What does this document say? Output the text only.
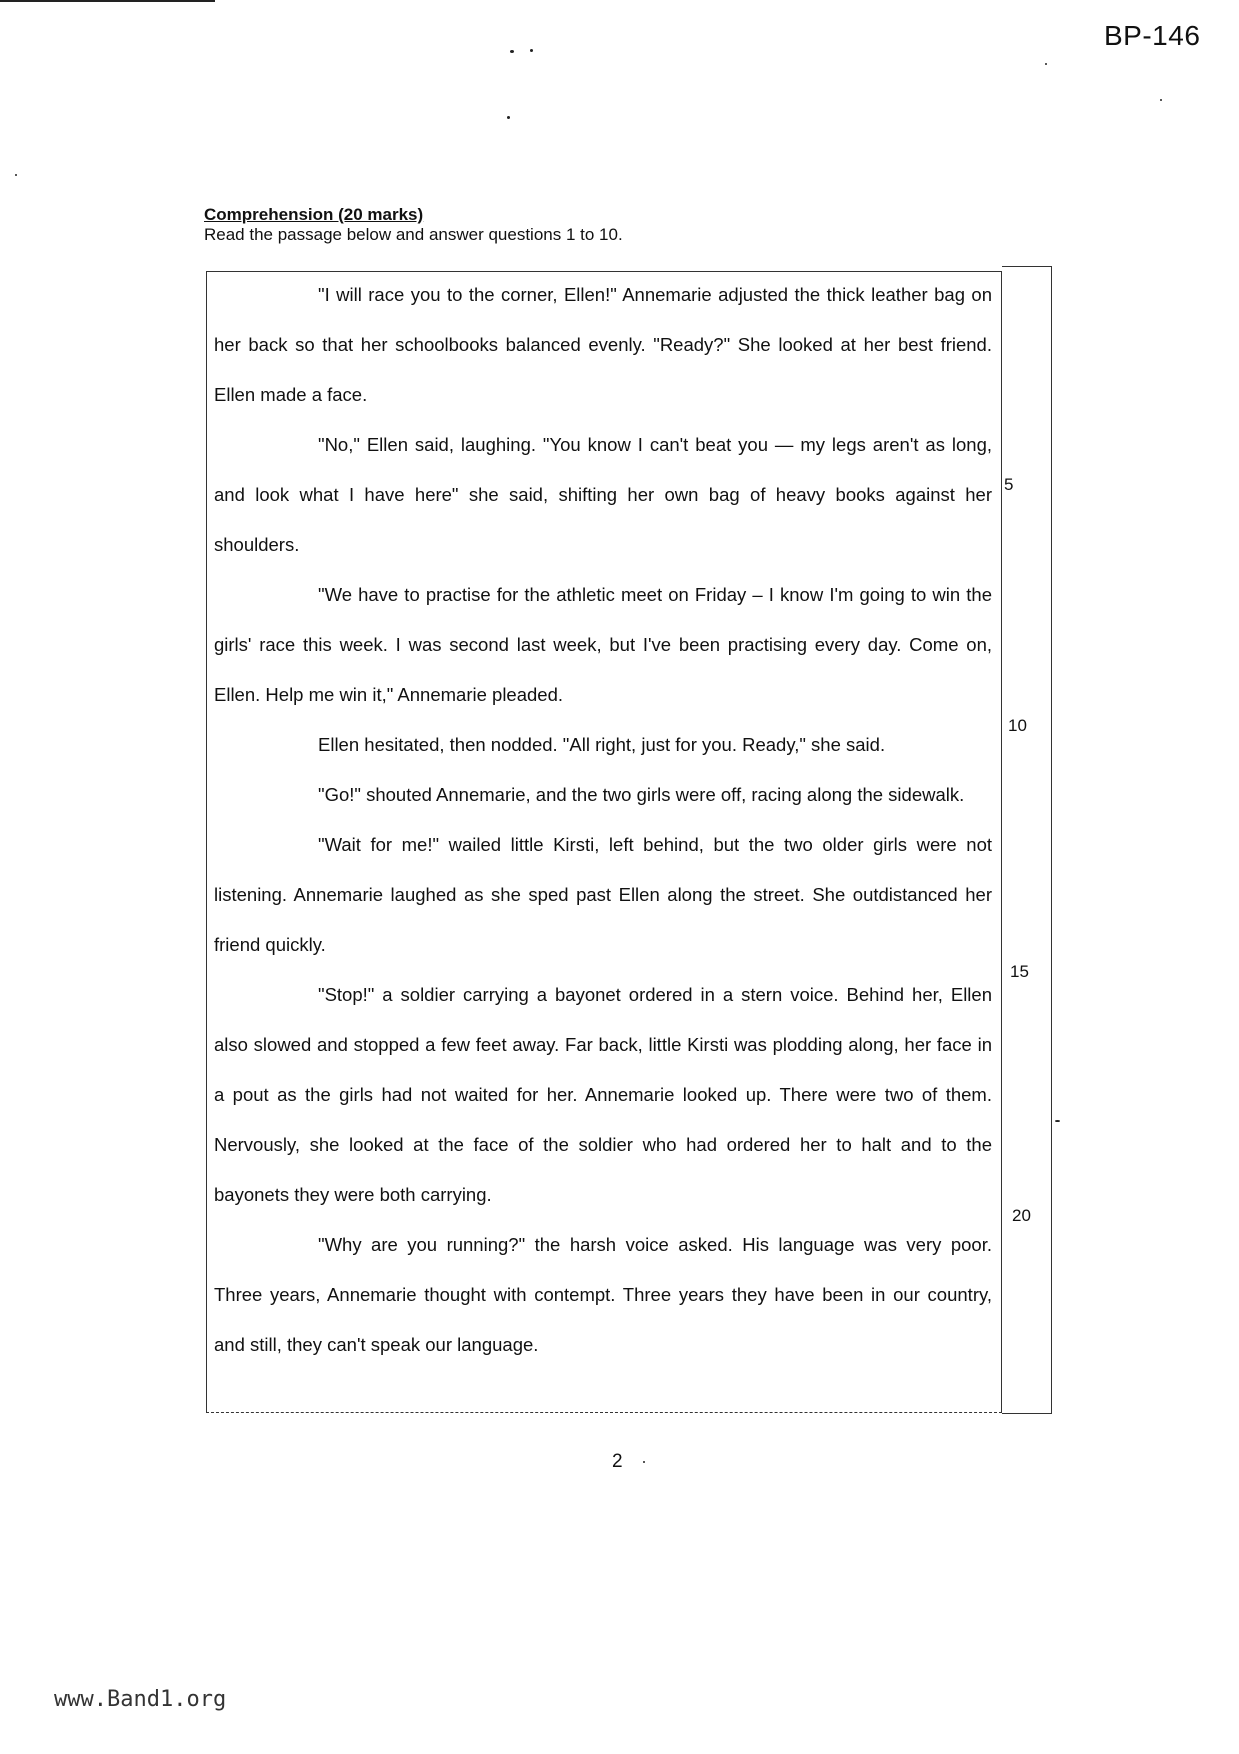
BP-146
Comprehension (20 marks)
Read the passage below and answer questions 1 to 10.

"I will race you to the corner, Ellen!" Annemarie adjusted the thick leather bag on her back so that her schoolbooks balanced evenly. "Ready?" She looked at her best friend. Ellen made a face.

"No," Ellen said, laughing. "You know I can't beat you — my legs aren't as long, and look what I have here" she said, shifting her own bag of heavy books against her shoulders.

"We have to practise for the athletic meet on Friday – I know I'm going to win the girls' race this week. I was second last week, but I've been practising every day. Come on, Ellen. Help me win it," Annemarie pleaded.

Ellen hesitated, then nodded. "All right, just for you. Ready," she said.

"Go!" shouted Annemarie, and the two girls were off, racing along the sidewalk.

"Wait for me!" wailed little Kirsti, left behind, but the two older girls were not listening. Annemarie laughed as she sped past Ellen along the street. She outdistanced her friend quickly.

"Stop!" a soldier carrying a bayonet ordered in a stern voice. Behind her, Ellen also slowed and stopped a few feet away. Far back, little Kirsti was plodding along, her face in a pout as the girls had not waited for her. Annemarie looked up. There were two of them. Nervously, she looked at the face of the soldier who had ordered her to halt and to the bayonets they were both carrying.

"Why are you running?" the harsh voice asked. His language was very poor. Three years, Annemarie thought with contempt. Three years they have been in our country, and still, they can't speak our language.

5
10
15
20
2
www.Band1.org
